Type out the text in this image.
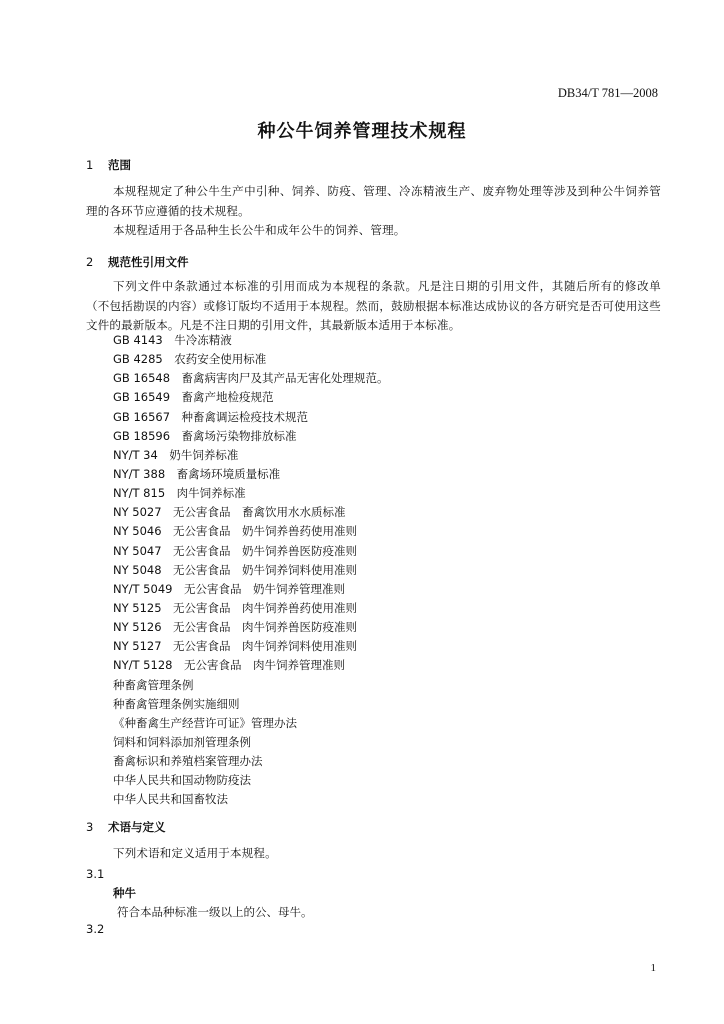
DB34/T 781—2008
种公牛饲养管理技术规程
1 范围

本规程规定了种公牛生产中引种、饲养、防疫、管理、冷冻精液生产、废弃物处理等涉及到种公牛饲养管理的各环节应遵循的技术规程。

本规程适用于各品种生长公牛和成年公牛的饲养、管理。

2 规范性引用文件

下列文件中条款通过本标准的引用而成为本规程的条款。凡是注日期的引用文件，其随后所有的修改单（不包括勘误的内容）或修订版均不适用于本规程。然而，鼓励根据本标准达成协议的各方研究是否可使用这些文件的最新版本。凡是不注日期的引用文件，其最新版本适用于本标准。

GB 4143　牛冷冻精液
GB 4285　农药安全使用标准
GB 16548　畜禽病害肉尸及其产品无害化处理规范。
GB 16549　畜禽产地检疫规范
GB 16567　种畜禽调运检疫技术规范
GB 18596　畜禽场污染物排放标准
NY/T 34　奶牛饲养标准
NY/T 388　畜禽场环境质量标准
NY/T 815　肉牛饲养标准
NY 5027　无公害食品　畜禽饮用水水质标准
NY 5046　无公害食品　奶牛饲养兽药使用准则
NY 5047　无公害食品　奶牛饲养兽医防疫准则
NY 5048　无公害食品　奶牛饲养饲料使用准则
NY/T 5049　无公害食品　奶牛饲养管理准则
NY 5125　无公害食品　肉牛饲养兽药使用准则
NY 5126　无公害食品　肉牛饲养兽医防疫准则
NY 5127　无公害食品　肉牛饲养饲料使用准则
NY/T 5128　无公害食品　肉牛饲养管理准则
种畜禽管理条例
种畜禽管理条例实施细则
《种畜禽生产经营许可证》管理办法
饲料和饲料添加剂管理条例
畜禽标识和养殖档案管理办法
中华人民共和国动物防疫法
中华人民共和国畜牧法
3 术语与定义

下列术语和定义适用于本规程。

3.1
种牛
符合本品种标准一级以上的公、母牛。
3.2
1
